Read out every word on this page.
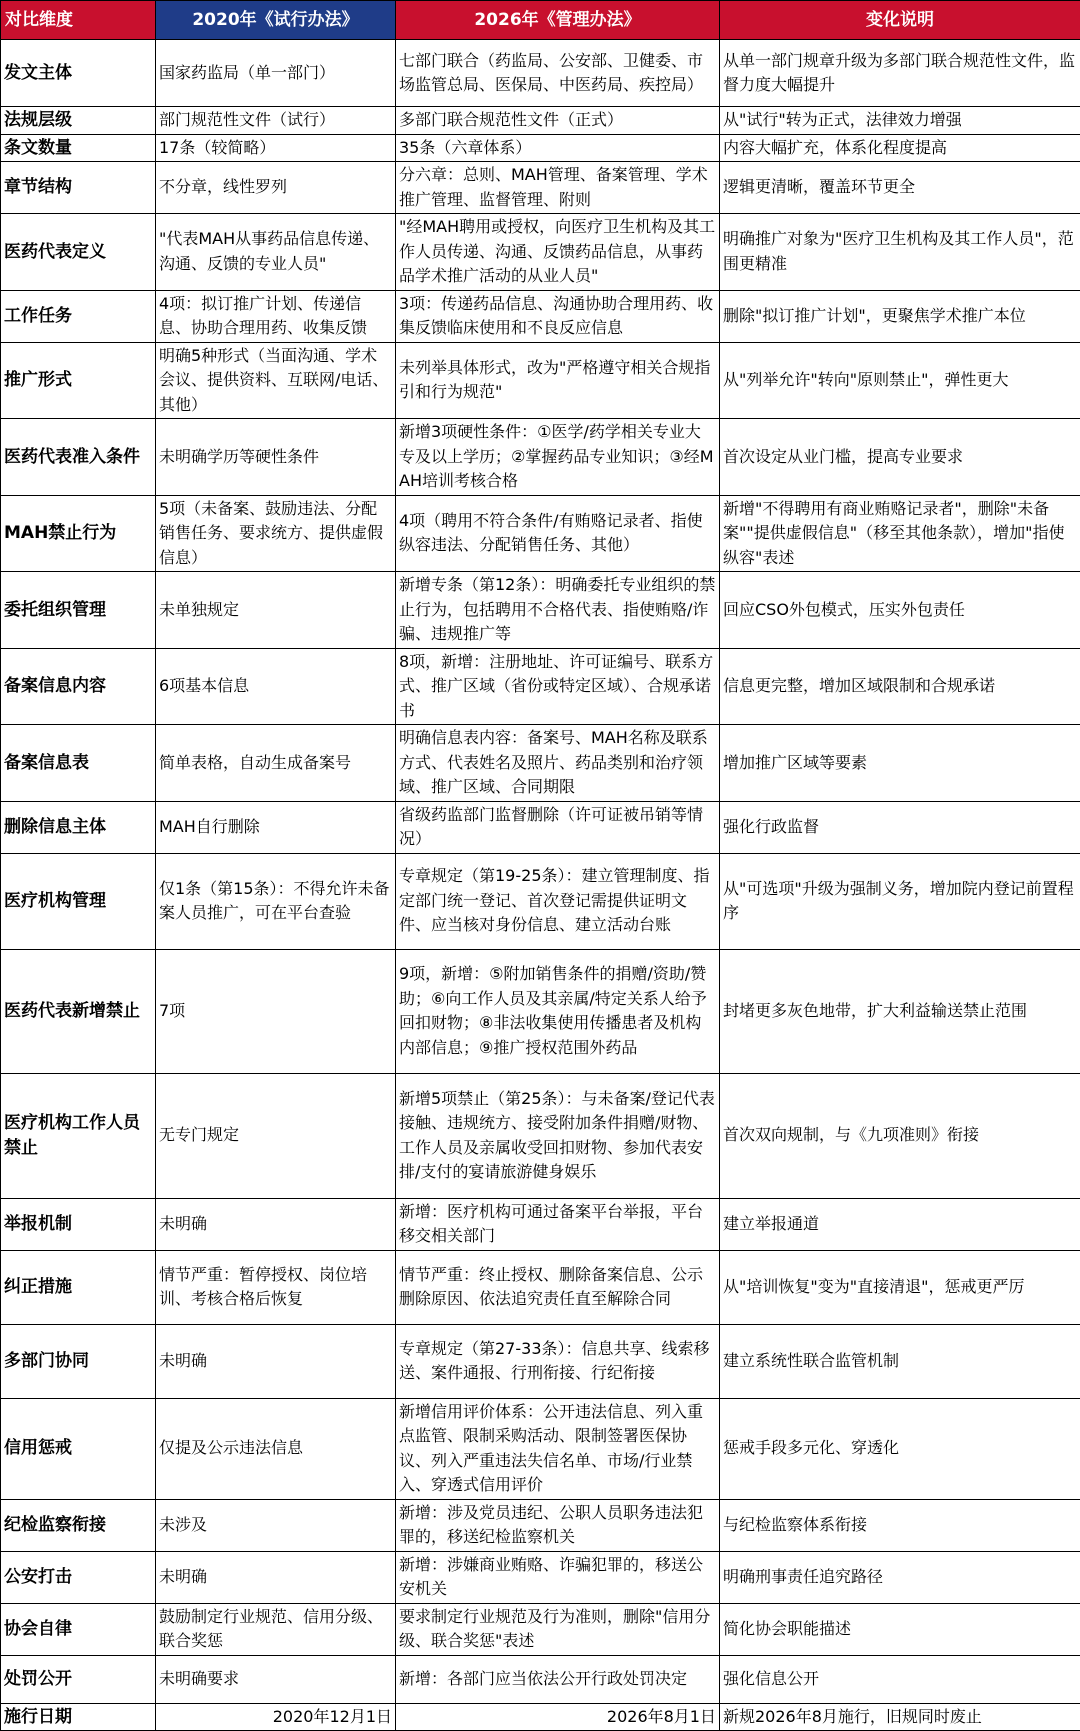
对比维度	2020年《试行办法》	2026年《管理办法》	变化说明
发文主体	国家药监局（单一部门）	七部门联合（药监局、公安部、卫健委、市场监管总局、医保局、中医药局、疾控局）	从单一部门规章升级为多部门联合规范性文件，监督力度大幅提升
法规层级	部门规范性文件（试行）	多部门联合规范性文件（正式）	从"试行"转为正式，法律效力增强
条文数量	17条（较简略）	35条（六章体系）	内容大幅扩充，体系化程度提高
章节结构	不分章，线性罗列	分六章：总则、MAH管理、备案管理、学术推广管理、监督管理、附则	逻辑更清晰，覆盖环节更全
医药代表定义	"代表MAH从事药品信息传递、沟通、反馈的专业人员"	"经MAH聘用或授权，向医疗卫生机构及其工作人员传递、沟通、反馈药品信息，从事药品学术推广活动的从业人员"	明确推广对象为"医疗卫生机构及其工作人员"，范围更精准
工作任务	4项：拟订推广计划、传递信息、协助合理用药、收集反馈	3项：传递药品信息、沟通协助合理用药、收集反馈临床使用和不良反应信息	删除"拟订推广计划"，更聚焦学术推广本位
推广形式	明确5种形式（当面沟通、学术会议、提供资料、互联网/电话、其他）	未列举具体形式，改为"严格遵守相关合规指引和行为规范"	从"列举允许"转向"原则禁止"，弹性更大
医药代表准入条件	未明确学历等硬性条件	新增3项硬性条件：①医学/药学相关专业大专及以上学历；②掌握药品专业知识；③经MAH培训考核合格	首次设定从业门槛，提高专业要求
MAH禁止行为	5项（未备案、鼓励违法、分配销售任务、要求统方、提供虚假信息）	4项（聘用不符合条件/有贿赂记录者、指使纵容违法、分配销售任务、其他）	新增"不得聘用有商业贿赂记录者"，删除"未备案""提供虚假信息"（移至其他条款），增加"指使纵容"表述
委托组织管理	未单独规定	新增专条（第12条）：明确委托专业组织的禁止行为，包括聘用不合格代表、指使贿赂/诈骗、违规推广等	回应CSO外包模式，压实外包责任
备案信息内容	6项基本信息	8项，新增：注册地址、许可证编号、联系方式、推广区域（省份或特定区域）、合规承诺书	信息更完整，增加区域限制和合规承诺
备案信息表	简单表格，自动生成备案号	明确信息表内容：备案号、MAH名称及联系方式、代表姓名及照片、药品类别和治疗领域、推广区域、合同期限	增加推广区域等要素
删除信息主体	MAH自行删除	省级药监部门监督删除（许可证被吊销等情况）	强化行政监督
医疗机构管理	仅1条（第15条）：不得允许未备案人员推广，可在平台查验	专章规定（第19-25条）：建立管理制度、指定部门统一登记、首次登记需提供证明文件、应当核对身份信息、建立活动台账	从"可选项"升级为强制义务，增加院内登记前置程序
医药代表新增禁止	7项	9项，新增：⑤附加销售条件的捐赠/资助/赞助；⑥向工作人员及其亲属/特定关系人给予回扣财物；⑧非法收集使用传播患者及机构内部信息；⑨推广授权范围外药品	封堵更多灰色地带，扩大利益输送禁止范围
医疗机构工作人员禁止	无专门规定	新增5项禁止（第25条）：与未备案/登记代表接触、违规统方、接受附加条件捐赠/财物、工作人员及亲属收受回扣财物、参加代表安排/支付的宴请旅游健身娱乐	首次双向规制，与《九项准则》衔接
举报机制	未明确	新增：医疗机构可通过备案平台举报，平台移交相关部门	建立举报通道
纠正措施	情节严重：暂停授权、岗位培训、考核合格后恢复	情节严重：终止授权、删除备案信息、公示删除原因、依法追究责任直至解除合同	从"培训恢复"变为"直接清退"，惩戒更严厉
多部门协同	未明确	专章规定（第27-33条）：信息共享、线索移送、案件通报、行刑衔接、行纪衔接	建立系统性联合监管机制
信用惩戒	仅提及公示违法信息	新增信用评价体系：公开违法信息、列入重点监管、限制采购活动、限制签署医保协议、列入严重违法失信名单、市场/行业禁入、穿透式信用评价	惩戒手段多元化、穿透化
纪检监察衔接	未涉及	新增：涉及党员违纪、公职人员职务违法犯罪的，移送纪检监察机关	与纪检监察体系衔接
公安打击	未明确	新增：涉嫌商业贿赂、诈骗犯罪的，移送公安机关	明确刑事责任追究路径
协会自律	鼓励制定行业规范、信用分级、联合奖惩	要求制定行业规范及行为准则，删除"信用分级、联合奖惩"表述	简化协会职能描述
处罚公开	未明确要求	新增：各部门应当依法公开行政处罚决定	强化信息公开
施行日期	2020年12月1日	2026年8月1日	新规2026年8月施行，旧规同时废止
